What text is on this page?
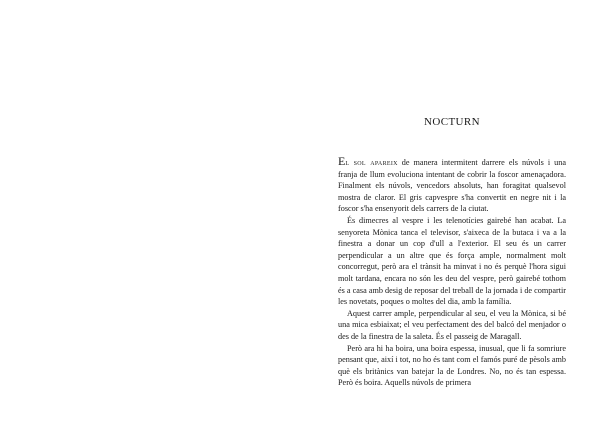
NOCTURN

El sol apareix de manera intermitent darrere els núvols i una franja de llum evoluciona intentant de cobrir la foscor amenaçadora. Finalment els núvols, vencedors absoluts, han foragitat qualsevol mostra de claror. El gris capvespre s'ha convertit en negre nit i la foscor s'ha ensenyorit dels carrers de la ciutat.

És dimecres al vespre i les telenotícies gairebé han acabat. La senyoreta Mònica tanca el televisor, s'aixeca de la butaca i va a la finestra a donar un cop d'ull a l'exterior. El seu és un carrer perpendicular a un altre que és força ample, normalment molt concorregut, però ara el trànsit ha minvat i no és perquè l'hora sigui molt tardana, encara no són les deu del vespre, però gairebé tothom és a casa amb desig de reposar del treball de la jornada i de compartir les novetats, poques o moltes del dia, amb la família.

Aquest carrer ample, perpendicular al seu, el veu la Mònica, si bé una mica esbiaixat; el veu perfectament des del balcó del menjador o des de la finestra de la saleta. És el passeig de Maragall.

Però ara hi ha boira, una boira espessa, inusual, que li fa somriure pensant que, així i tot, no ho és tant com el famós puré de pèsols amb què els britànics van batejar la de Londres. No, no és tan espessa. Però és boira. Aquells núvols de primera
